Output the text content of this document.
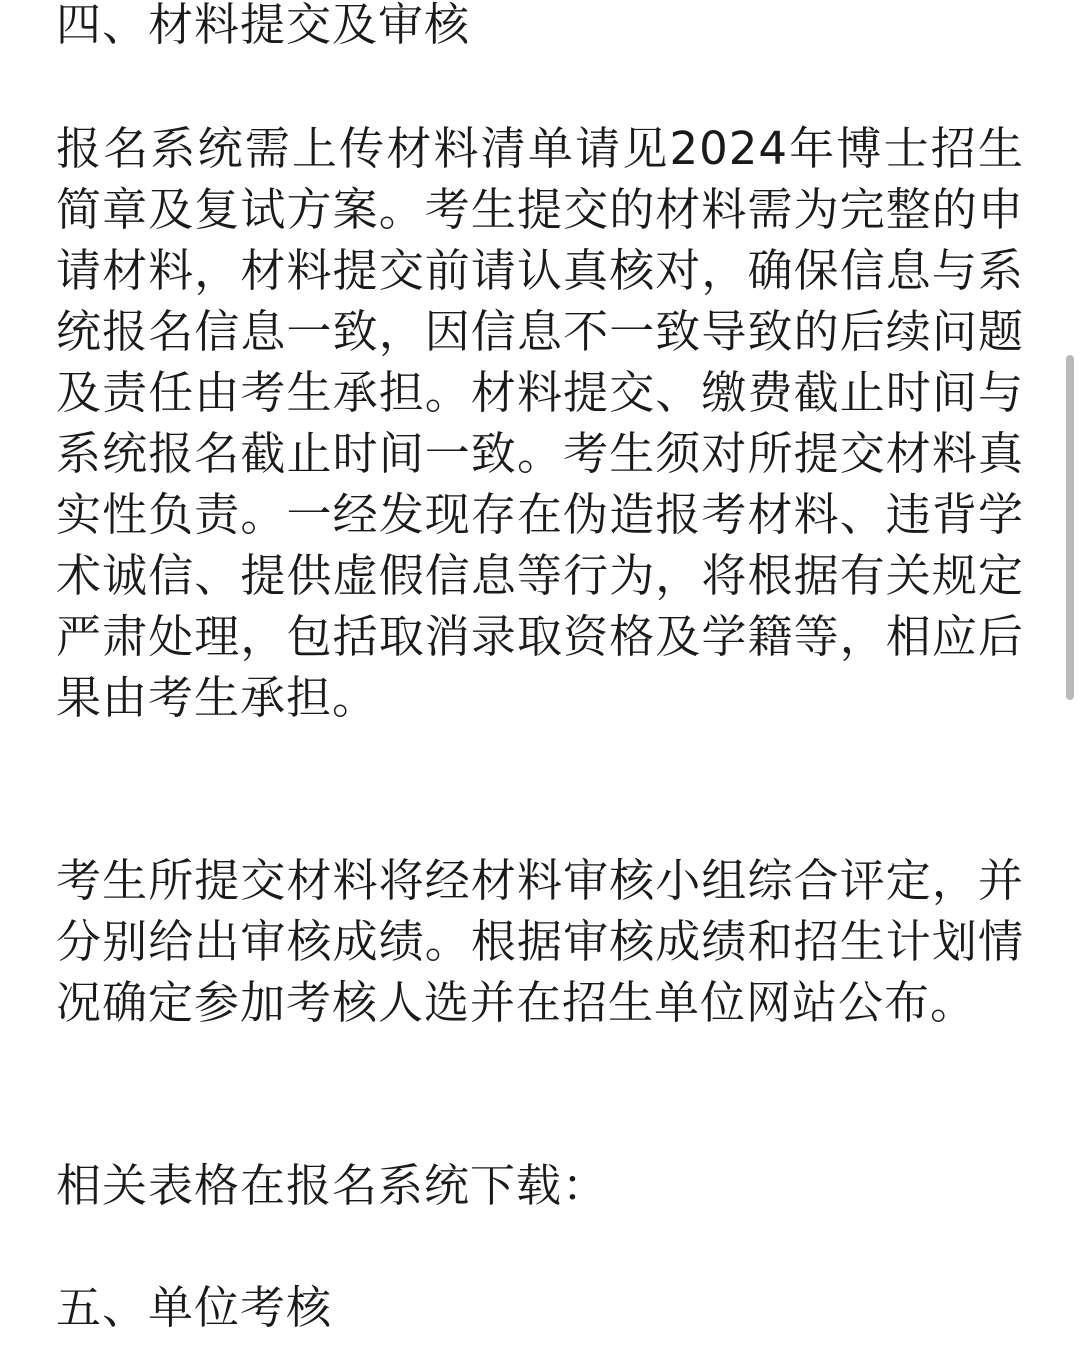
四、材料提交及审核

报名系统需上传材料清单请见2024年博士招生简章及复试方案。考生提交的材料需为完整的申请材料，材料提交前请认真核对，确保信息与系统报名信息一致，因信息不一致导致的后续问题及责任由考生承担。材料提交、缴费截止时间与系统报名截止时间一致。考生须对所提交材料真实性负责。一经发现存在伪造报考材料、违背学术诚信、提供虚假信息等行为，将根据有关规定严肃处理，包括取消录取资格及学籍等，相应后果由考生承担。

考生所提交材料将经材料审核小组综合评定，并分别给出审核成绩。根据审核成绩和招生计划情况确定参加考核人选并在招生单位网站公布。

相关表格在报名系统下载：

五、单位考核
